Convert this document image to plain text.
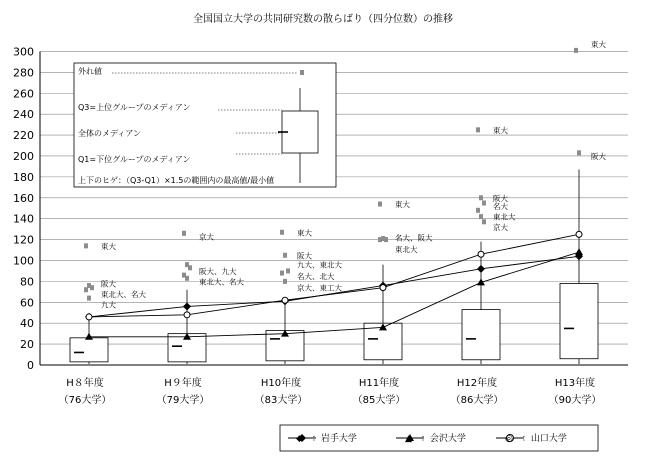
全国国立大学の共同研究数の散らばり（四分位数）の推移
0
20
40
60
80
100
120
140
160
180
200
220
240
260
280
300
東大
阪大
東北大、名大
九大
京大
阪大、九大
東北大、名大
東大
阪大
九大、東北大
名大、北大
京大、東工大
東大
名大、阪大
東北大
東大
阪大
名大
東北大
京大
東大
阪大
H８年度
（76大学）
H９年度
（79大学）
H10年度
（83大学）
H11年度
（85大学）
H12年度
（86大学）
H13年度
（90大学）
外れ値
Q3=上位グループのメディアン
全体のメディアン
Q1=下位グループのメディアン
上下のヒゲ：（Q3-Q1）×1.5の範囲内の最高値/最小値
－◆－：岩手大学	－▲－：会沢大学	－◎－：山口大学
